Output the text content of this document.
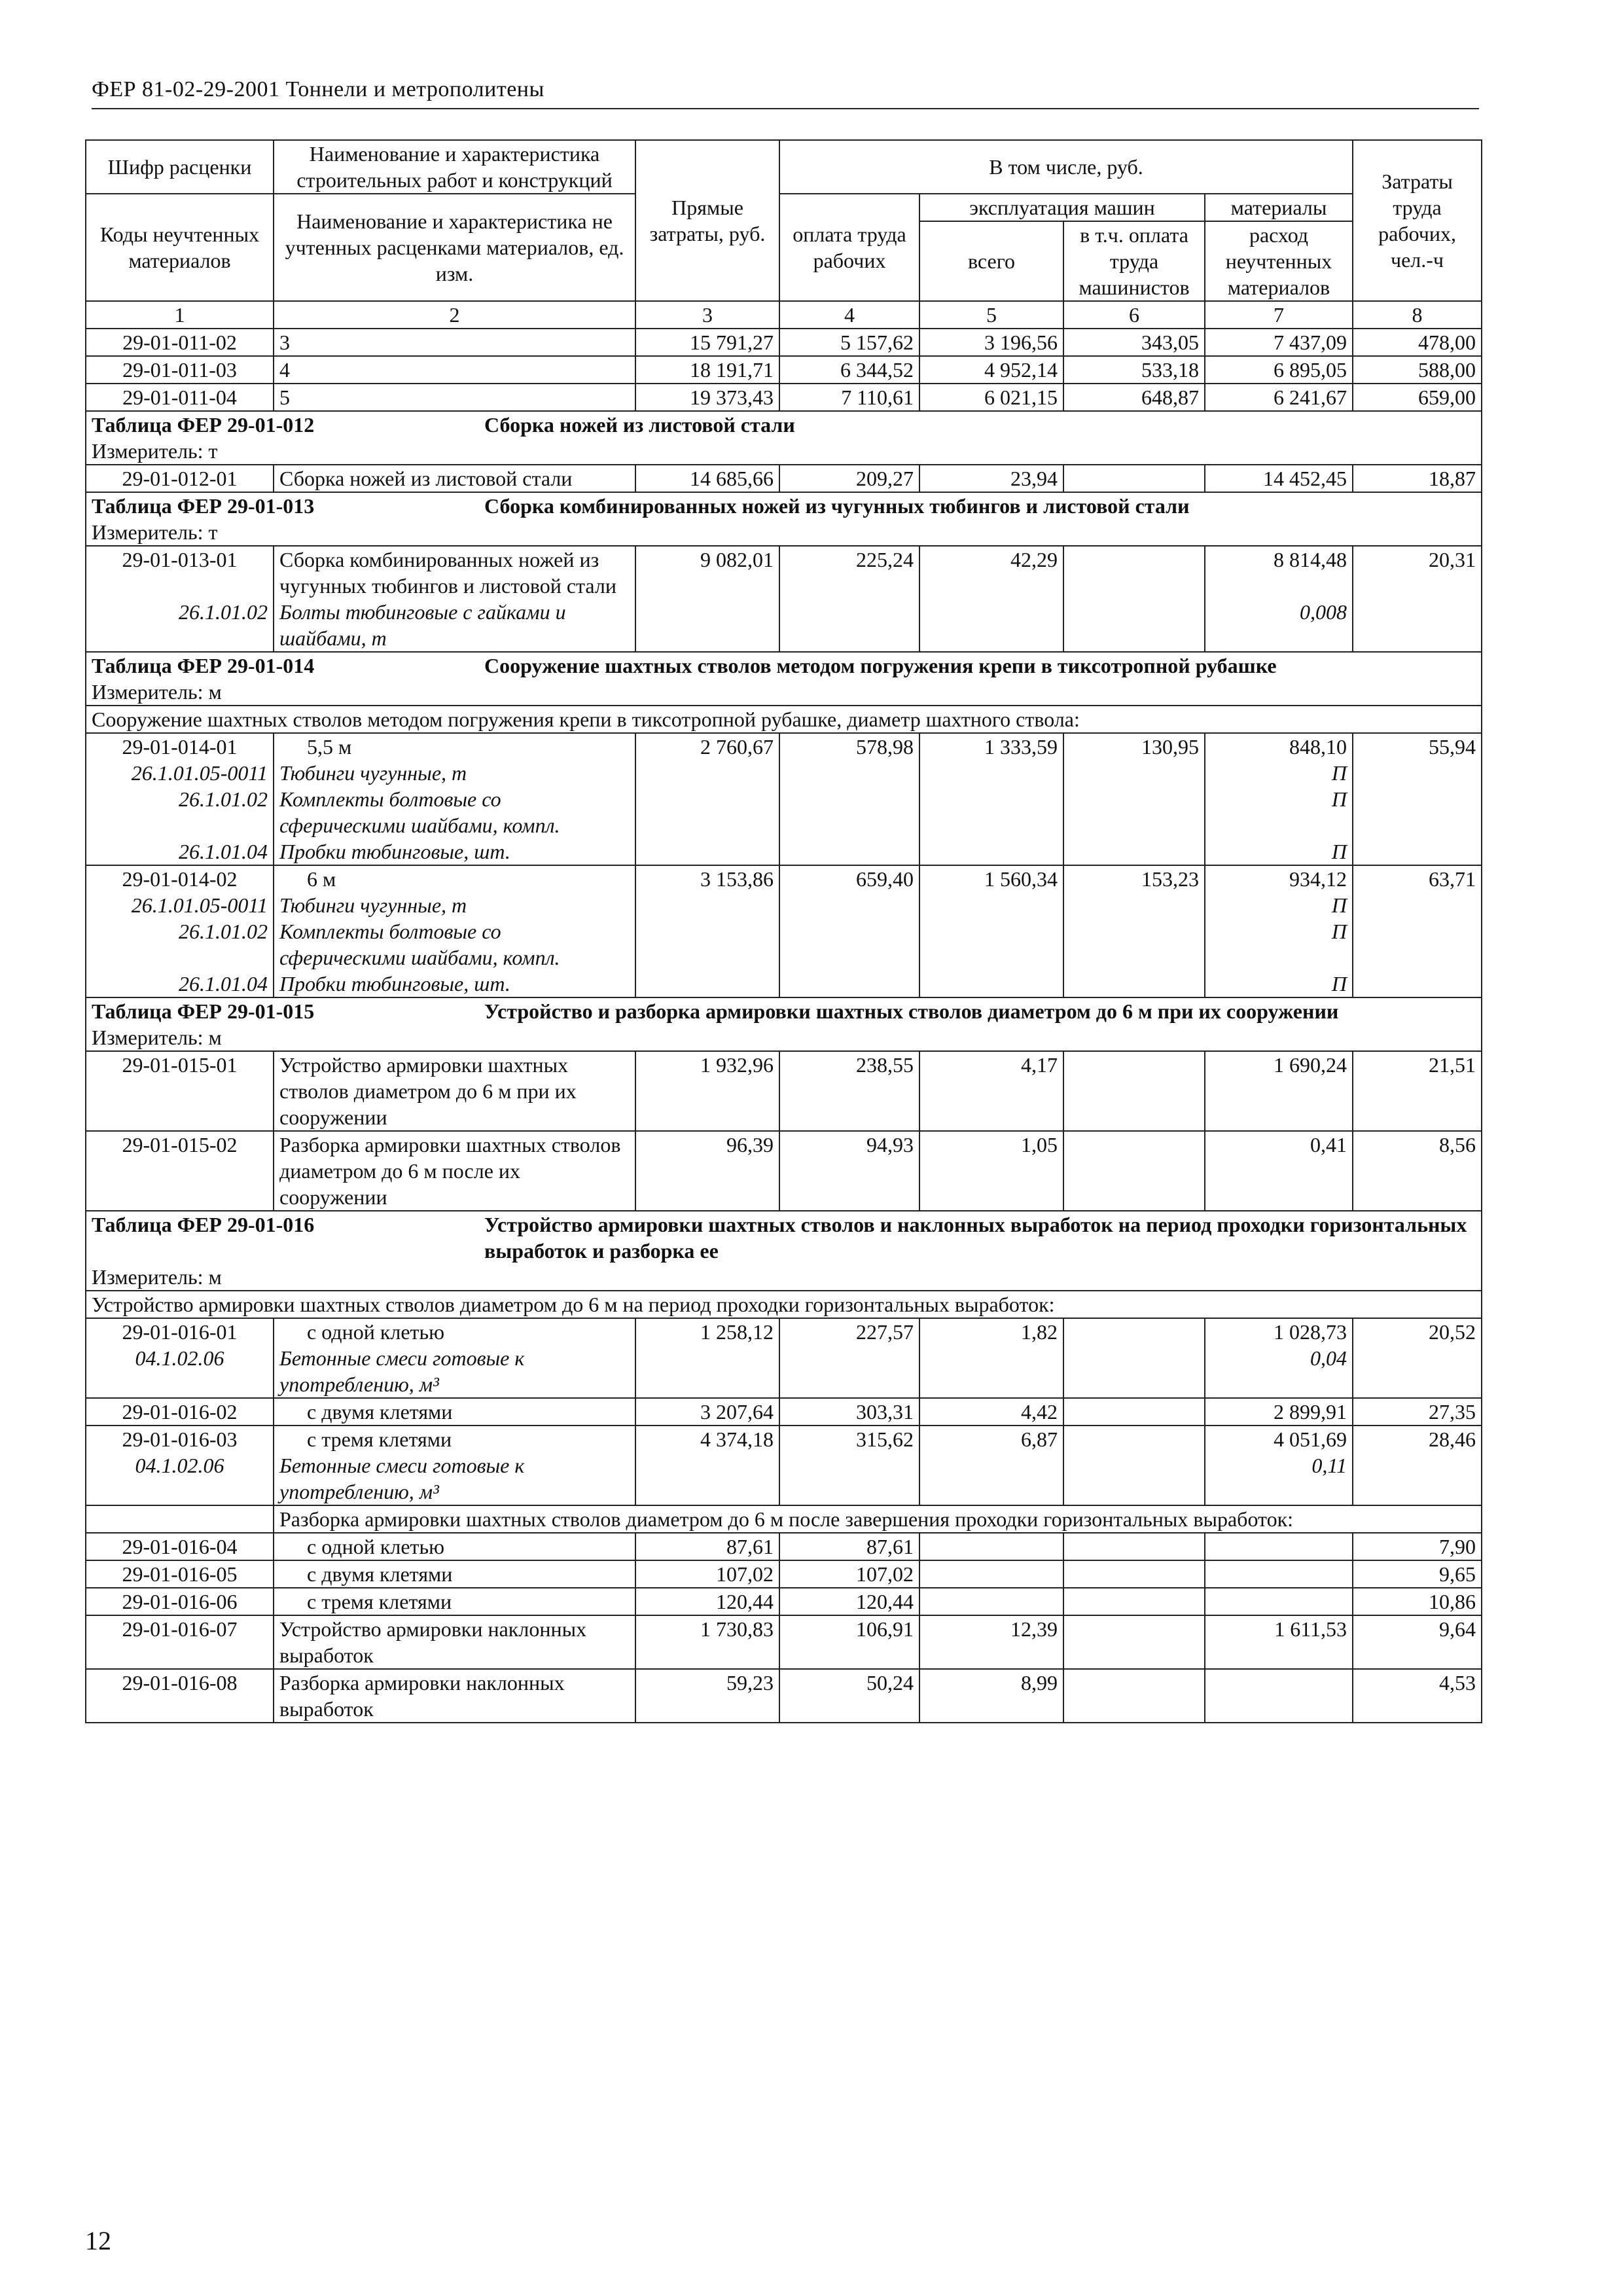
ФЕР 81-02-29-2001 Тоннели и метрополитены
Шифр расценки	Наименование и характеристика строительных работ и конструкций	Прямые затраты, руб.	В том числе, руб.				Затраты труда рабочих, чел.-ч
Коды неучтенных материалов	Наименование и характеристика не учтенных расценками материалов, ед. изм.		оплата труда рабочих	эксплуатация машин		материалы	
				всего	в т.ч. оплата труда машинистов	расход неучтенных материалов	
1	2	3	4	5	6	7	8
29-01-011-02	3	15 791,27	5 157,62	3 196,56	343,05	7 437,09	478,00
29-01-011-03	4	18 191,71	6 344,52	4 952,14	533,18	6 895,05	588,00
29-01-011-04	5	19 373,43	7 110,61	6 021,15	648,87	6 241,67	659,00

Таблица ФЕР 29-01-012 Сборка ножей из листовой стали							

Измеритель: т							
29-01-012-01	Сборка ножей из листовой стали	14 685,66	209,27	23,94		14 452,45	18,87

Таблица ФЕР 29-01-013 Сборка комбинированных ножей из чугунных тюбингов и листовой стали							

Измеритель: т							
29-01-013-01	Сборка комбинированных ножей из чугунных тюбингов и листовой стали	9 082,01	225,24	42,29		8 814,48	20,31
26.1.01.02	Болты тюбинговые с гайками и шайбами, т					0,008	

Таблица ФЕР 29-01-014 Сооружение шахтных стволов методом погружения крепи в тиксотропной рубашке							

Измеритель: м							
Сооружение шахтных стволов методом погружения крепи в тиксотропной рубашке, диаметр шахтного ствола:							
29-01-014-01	5,5 м	2 760,67	578,98	1 333,59	130,95	848,10	55,94
26.1.01.05-0011	Тюбинги чугунные, т					П	
26.1.01.02	Комплекты болтовые со сферическими шайбами, компл.					П	
26.1.01.04	Пробки тюбинговые, шт.					П	
29-01-014-02	6 м	3 153,86	659,40	1 560,34	153,23	934,12	63,71
26.1.01.05-0011	Тюбинги чугунные, т					П	
26.1.01.02	Комплекты болтовые со сферическими шайбами, компл.					П	
26.1.01.04	Пробки тюбинговые, шт.					П	

Таблица ФЕР 29-01-015 Устройство и разборка армировки шахтных стволов диаметром до 6 м при их сооружении							

Измеритель: м							
29-01-015-01	Устройство армировки шахтных стволов диаметром до 6 м при их сооружении	1 932,96	238,55	4,17		1 690,24	21,51
29-01-015-02	Разборка армировки шахтных стволов диаметром до 6 м после их сооружении	96,39	94,93	1,05		0,41	8,56

Таблица ФЕР 29-01-016 Устройство армировки шахтных стволов и наклонных выработок на период проходки горизонтальных выработок и разборка ее							

Измеритель: м							
Устройство армировки шахтных стволов диаметром до 6 м на период проходки горизонтальных выработок:							
29-01-016-01	с одной клетью	1 258,12	227,57	1,82		1 028,73	20,52
04.1.02.06	Бетонные смеси готовые к употреблению, м³					0,04	
29-01-016-02	с двумя клетями	3 207,64	303,31	4,42		2 899,91	27,35
29-01-016-03	с тремя клетями	4 374,18	315,62	6,87		4 051,69	28,46
04.1.02.06	Бетонные смеси готовые к употреблению, м³					0,11	
	Разборка армировки шахтных стволов диаметром до 6 м после завершения проходки горизонтальных выработок:						
29-01-016-04	с одной клетью	87,61	87,61				7,90
29-01-016-05	с двумя клетями	107,02	107,02				9,65
29-01-016-06	с тремя клетями	120,44	120,44				10,86
29-01-016-07	Устройство армировки наклонных выработок	1 730,83	106,91	12,39		1 611,53	9,64
29-01-016-08	Разборка армировки наклонных выработок	59,23	50,24	8,99			4,53
12
